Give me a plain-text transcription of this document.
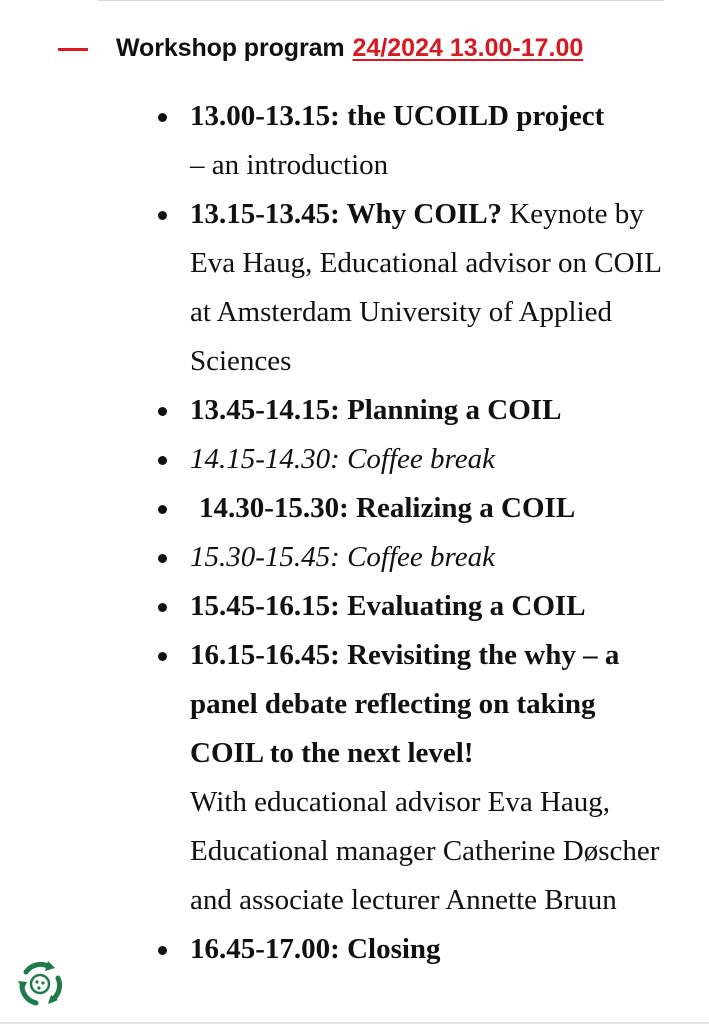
Workshop program 24/2024 13.00-17.00
13.00-13.15: the UCOILD project
– an introduction
13.15-13.45: Why COIL? Keynote by Eva Haug, Educational advisor on COIL at Amsterdam University of Applied Sciences
13.45-14.15: Planning a COIL
14.15-14.30: Coffee break
14.30-15.30: Realizing a COIL
15.30-15.45: Coffee break
15.45-16.15: Evaluating a COIL
16.15-16.45: Revisiting the why – a panel debate reflecting on taking COIL to the next level!
With educational advisor Eva Haug, Educational manager Catherine Døscher and associate lecturer Annette Bruun
16.45-17.00: Closing
